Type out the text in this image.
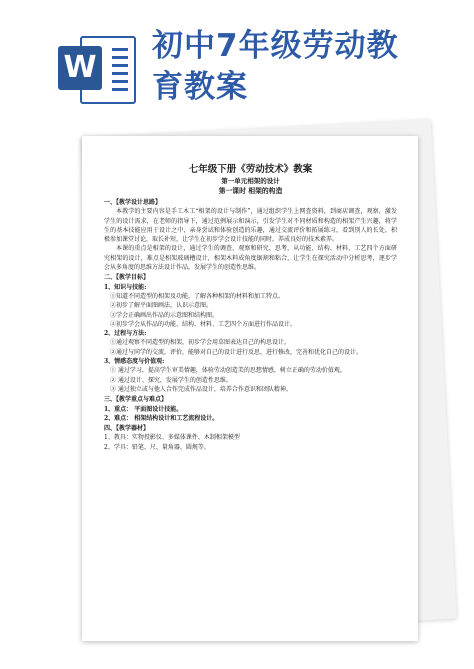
W
初中7年级劳动教
育教案
七年级下册《劳动技术》教案
第一单元相架的设计
第一课时 相架的构造
一、【教学设计思路】
本教学的主要内容是手工木工“相架的设计与制作”，通过组织学生上网查资料，到商店调查，观察，激发学生的设计需求，在老师的指导下，通过范例展示和演示，引发学生对不同材质和构造的相架产生兴趣，将学生的基本技能应用于设计之中，亲身尝试和体验创造的乐趣，通过交流评价和拓展练习，看到别人的长处，积极参加课堂讨论，取长补短，让学生在初步学会设计技能的同时，养成良好的技术素养。
本课的重点是相架的设计，通过学生的调查，观察和研究、思考，从功能、结构、材料、工艺四个方面研究相架的设计，难点是相架玻璃槽设计，相架木料成角度锯割和粘合，让学生在探究活动中分析思考，逐步学会从多角度的思维方法设计作品，发展学生的创造性思维。
二、【教学目标】
1、知识与技能:
①知道不同造型的相架及功能，了解各种相架的材料和加工特点。
②初步了解平面图画法，认识示意图。
③学会正确画出作品的示意图和结构图。
④初步学会从作品的功能、结构、材料、工艺四个方面进行作品设计。
2、过程与方法:
①通过观察不同造型的相架，初步学会用草图表达自己的构思设计。
②通过与同学的交流，评价，能够对自己的设计进行反思，进行修改，完善和优化自己的设计。
3、情感态度与价值观:
① 通过学习，提高学生审美情趣，体验劳动创造美的思想情感，树立正确的劳动价值观。
② 通过设计、探究，发展学生的创造性思维。
③ 通过独立或与他人合作完成作品设计，培养合作意识和团队精神。
三、【教学重点与难点】
1、重点： 平面图设计技能。
2、难点： 相架结构设计和工艺流程设计。
四、【教学器材】
1、教具：实物投影仪、多媒体课件、木制相架模型
2、学具：铅笔、尺、量角器、圆规等。
